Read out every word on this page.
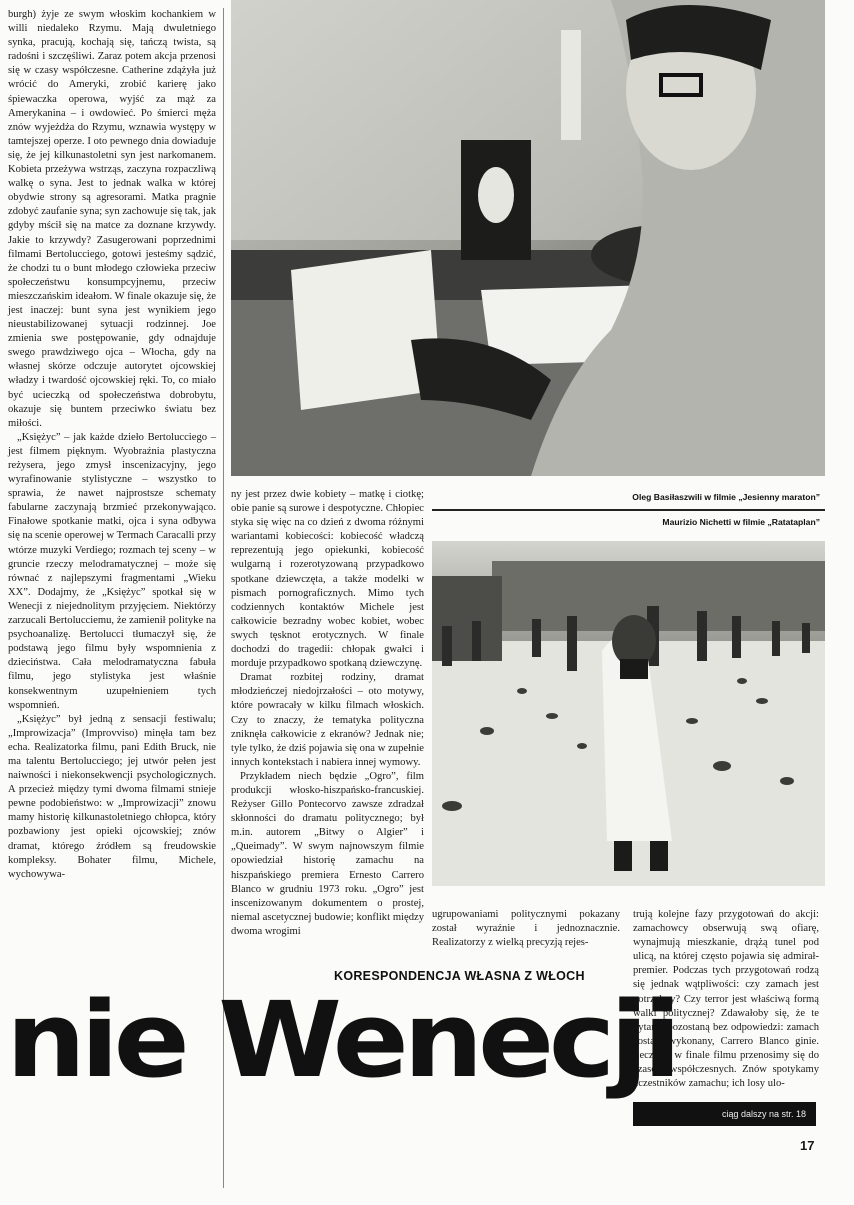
burgh) żyje ze swym włoskim kochankiem w willi niedaleko Rzymu. Mają dwuletniego synka, pracują, kochają się, tańczą twista, są radośni i szczęśliwi. Zaraz potem akcja przenosi się w czasy współczesne. Catherine zdążyła już wrócić do Ameryki, zrobić karierę jako śpiewaczka operowa, wyjść za mąż za Amerykanina – i owdowieć. Po śmierci męża znów wyjeżdża do Rzymu, wznawia występy w tamtejszej operze. I oto pewnego dnia dowiaduje się, że jej kilkunastoletni syn jest narkomanem. Kobieta przeżywa wstrząs, zaczyna rozpaczliwą walkę o syna. Jest to jednak walka w której obydwie strony są agresorami. Matka pragnie zdobyć zaufanie syna; syn zachowuje się tak, jak gdyby mścił się na matce za doznane krzywdy. Jakie to krzywdy? Zasugerowani poprzednimi filmami Bertolucciego, gotowi jesteśmy sądzić, że chodzi tu o bunt młodego człowieka przeciw społeczeństwu konsumpcyjnemu, przeciw mieszczańskim ideałom. W finale okazuje się, że jest inaczej: bunt syna jest wynikiem jego nieustabilizowanej sytuacji rodzinnej. Joe zmienia swe postępowanie, gdy odnajduje swego prawdziwego ojca – Włocha, gdy na własnej skórze odczuje autorytet ojcowskiej władzy i twardość ojcowskiej ręki. To, co miało być ucieczką od społeczeństwa dobrobytu, okazuje się buntem przeciwko światu bez miłości.

„Księżyc” – jak każde dzieło Bertolucciego – jest filmem pięknym. Wyobraźnia plastyczna reżysera, jego zmysł inscenizacyjny, jego wyrafinowanie stylistyczne – wszystko to sprawia, że nawet najprostsze schematy fabularne zaczynają brzmieć przekonywająco. Finałowe spotkanie matki, ojca i syna odbywa się na scenie operowej w Termach Caracalli przy wtórze muzyki Verdiego; rozmach tej sceny – w gruncie rzeczy melodramatycznej – może się równać z najlepszymi fragmentami „Wieku XX”. Dodajmy, że „Księżyc” spotkał się w Wenecji z niejednolitym przyjęciem. Niektórzy zarzucali Bertolucciemu, że zamienił polityke na psychoanalizę. Bertolucci tłumaczył się, że podstawą jego filmu były wspomnienia z dzieciństwa. Cała melodramatyczna fabuła filmu, jego stylistyka jest właśnie konsekwentnym uzupełnieniem tych wspomnień.

„Księżyc” był jedną z sensacji festiwalu; „Improwizacja” (Improvviso) minęła tam bez echa. Realizatorka filmu, pani Edith Bruck, nie ma talentu Bertolucciego; jej utwór pełen jest naiwności i niekonsekwencji psychologicznych. A przecież między tymi dwoma filmami stnieje pewne podobieństwo: w „Improwizacji” znowu mamy historię kilkunastoletniego chłopca, który pozbawiony jest opieki ojcowskiej; znów dramat, którego źródłem są freudowskie kompleksy. Bohater filmu, Michele, wychowywa-

Oleg Basiłaszwili w filmie „Jesienny maraton”
Maurizio Nichetti w filmie „Ratataplan”

ny jest przez dwie kobiety – matkę i ciotkę; obie panie są surowe i despotyczne. Chłopiec styka się więc na co dzień z dwoma różnymi wariantami kobiecości: kobiecość władczą reprezentują jego opiekunki, kobiecość wulgarną i rozerotyzowaną przypadkowo spotkane dziewczęta, a także modelki w pismach pornograficznych. Mimo tych codziennych kontaktów Michele jest całkowicie bezradny wobec kobiet, wobec swych tęsknot erotycznych. W finale dochodzi do tragedii: chłopak gwałci i morduje przypadkowo spotkaną dziewczynę.

Dramat rozbitej rodziny, dramat młodzieńczej niedojrzałości – oto motywy, które powracały w kilku filmach włoskich. Czy to znaczy, że tematyka polityczna zniknęła całkowicie z ekranów? Jednak nie; tyle tylko, że dziś pojawia się ona w zupełnie innych kontekstach i nabiera innej wymowy.

Przykładem niech będzie „Ogro”, film produkcji włosko-hiszpańsko-francuskiej. Reżyser Gillo Pontecorvo zawsze zdradzał skłonności do dramatu politycznego; był m.in. autorem „Bitwy o Algier” i „Queimady”. W swym najnowszym filmie opowiedział historię zamachu na hiszpańskiego premiera Ernesto Carrero Blanco w grudniu 1973 roku. „Ogro” jest inscenizowanym dokumentem o prostej, niemal ascetycznej budowie; konflikt między dwoma wrogimi

ugrupowaniami politycznymi pokazany został wyraźnie i jednoznacznie. Realizatorzy z wielką precyzją rejes-

trują kolejne fazy przygotowań do akcji: zamachowcy obserwują swą ofiarę, wynajmują mieszkanie, drążą tunel pod ulicą, na której często pojawia się admirał-premier. Podczas tych przygotowań rodzą się jednak wątpliwości: czy zamach jest potrzebny? Czy terror jest właściwą formą walki politycznej? Zdawałoby się, że te pytania pozostaną bez odpowiedzi: zamach zostaje wykonany, Carrero Blanco ginie. Lecz oto w finale filmu przenosimy się do czasów współczesnych. Znów spotykamy uczestników zamachu; ich losy ulo-

KORESPONDENCJA WŁASNA Z WŁOCH
nie Wenecji
ciąg dalszy na str. 18
17
